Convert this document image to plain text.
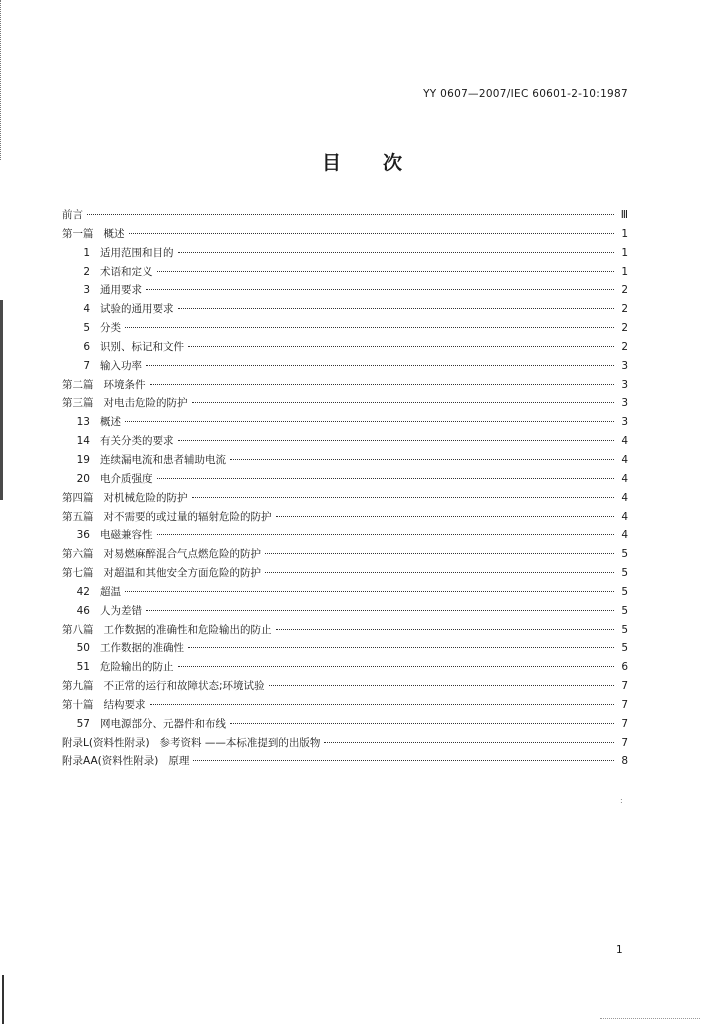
YY 0607—2007/IEC 60601-2-10:1987
目 次
前言	Ⅲ
第一篇 概述	1
1 适用范围和目的	1
2 术语和定义	1
3 通用要求	2
4 试验的通用要求	2
5 分类	2
6 识别、标记和文件	2
7 输入功率	3
第二篇 环境条件	3
第三篇 对电击危险的防护	3
13 概述	3
14 有关分类的要求	4
19 连续漏电流和患者辅助电流	4
20 电介质强度	4
第四篇 对机械危险的防护	4
第五篇 对不需要的或过量的辐射危险的防护	4
36 电磁兼容性	4
第六篇 对易燃麻醉混合气点燃危险的防护	5
第七篇 对超温和其他安全方面危险的防护	5
42 超温	5
46 人为差错	5
第八篇 工作数据的准确性和危险输出的防止	5
50 工作数据的准确性	5
51 危险输出的防止	6
第九篇 不正常的运行和故障状态;环境试验	7
第十篇 结构要求	7
57 网电源部分、元器件和布线	7
附录L(资料性附录) 参考资料 ——本标准提到的出版物	7
附录AA(资料性附录) 原理	8
:
1
